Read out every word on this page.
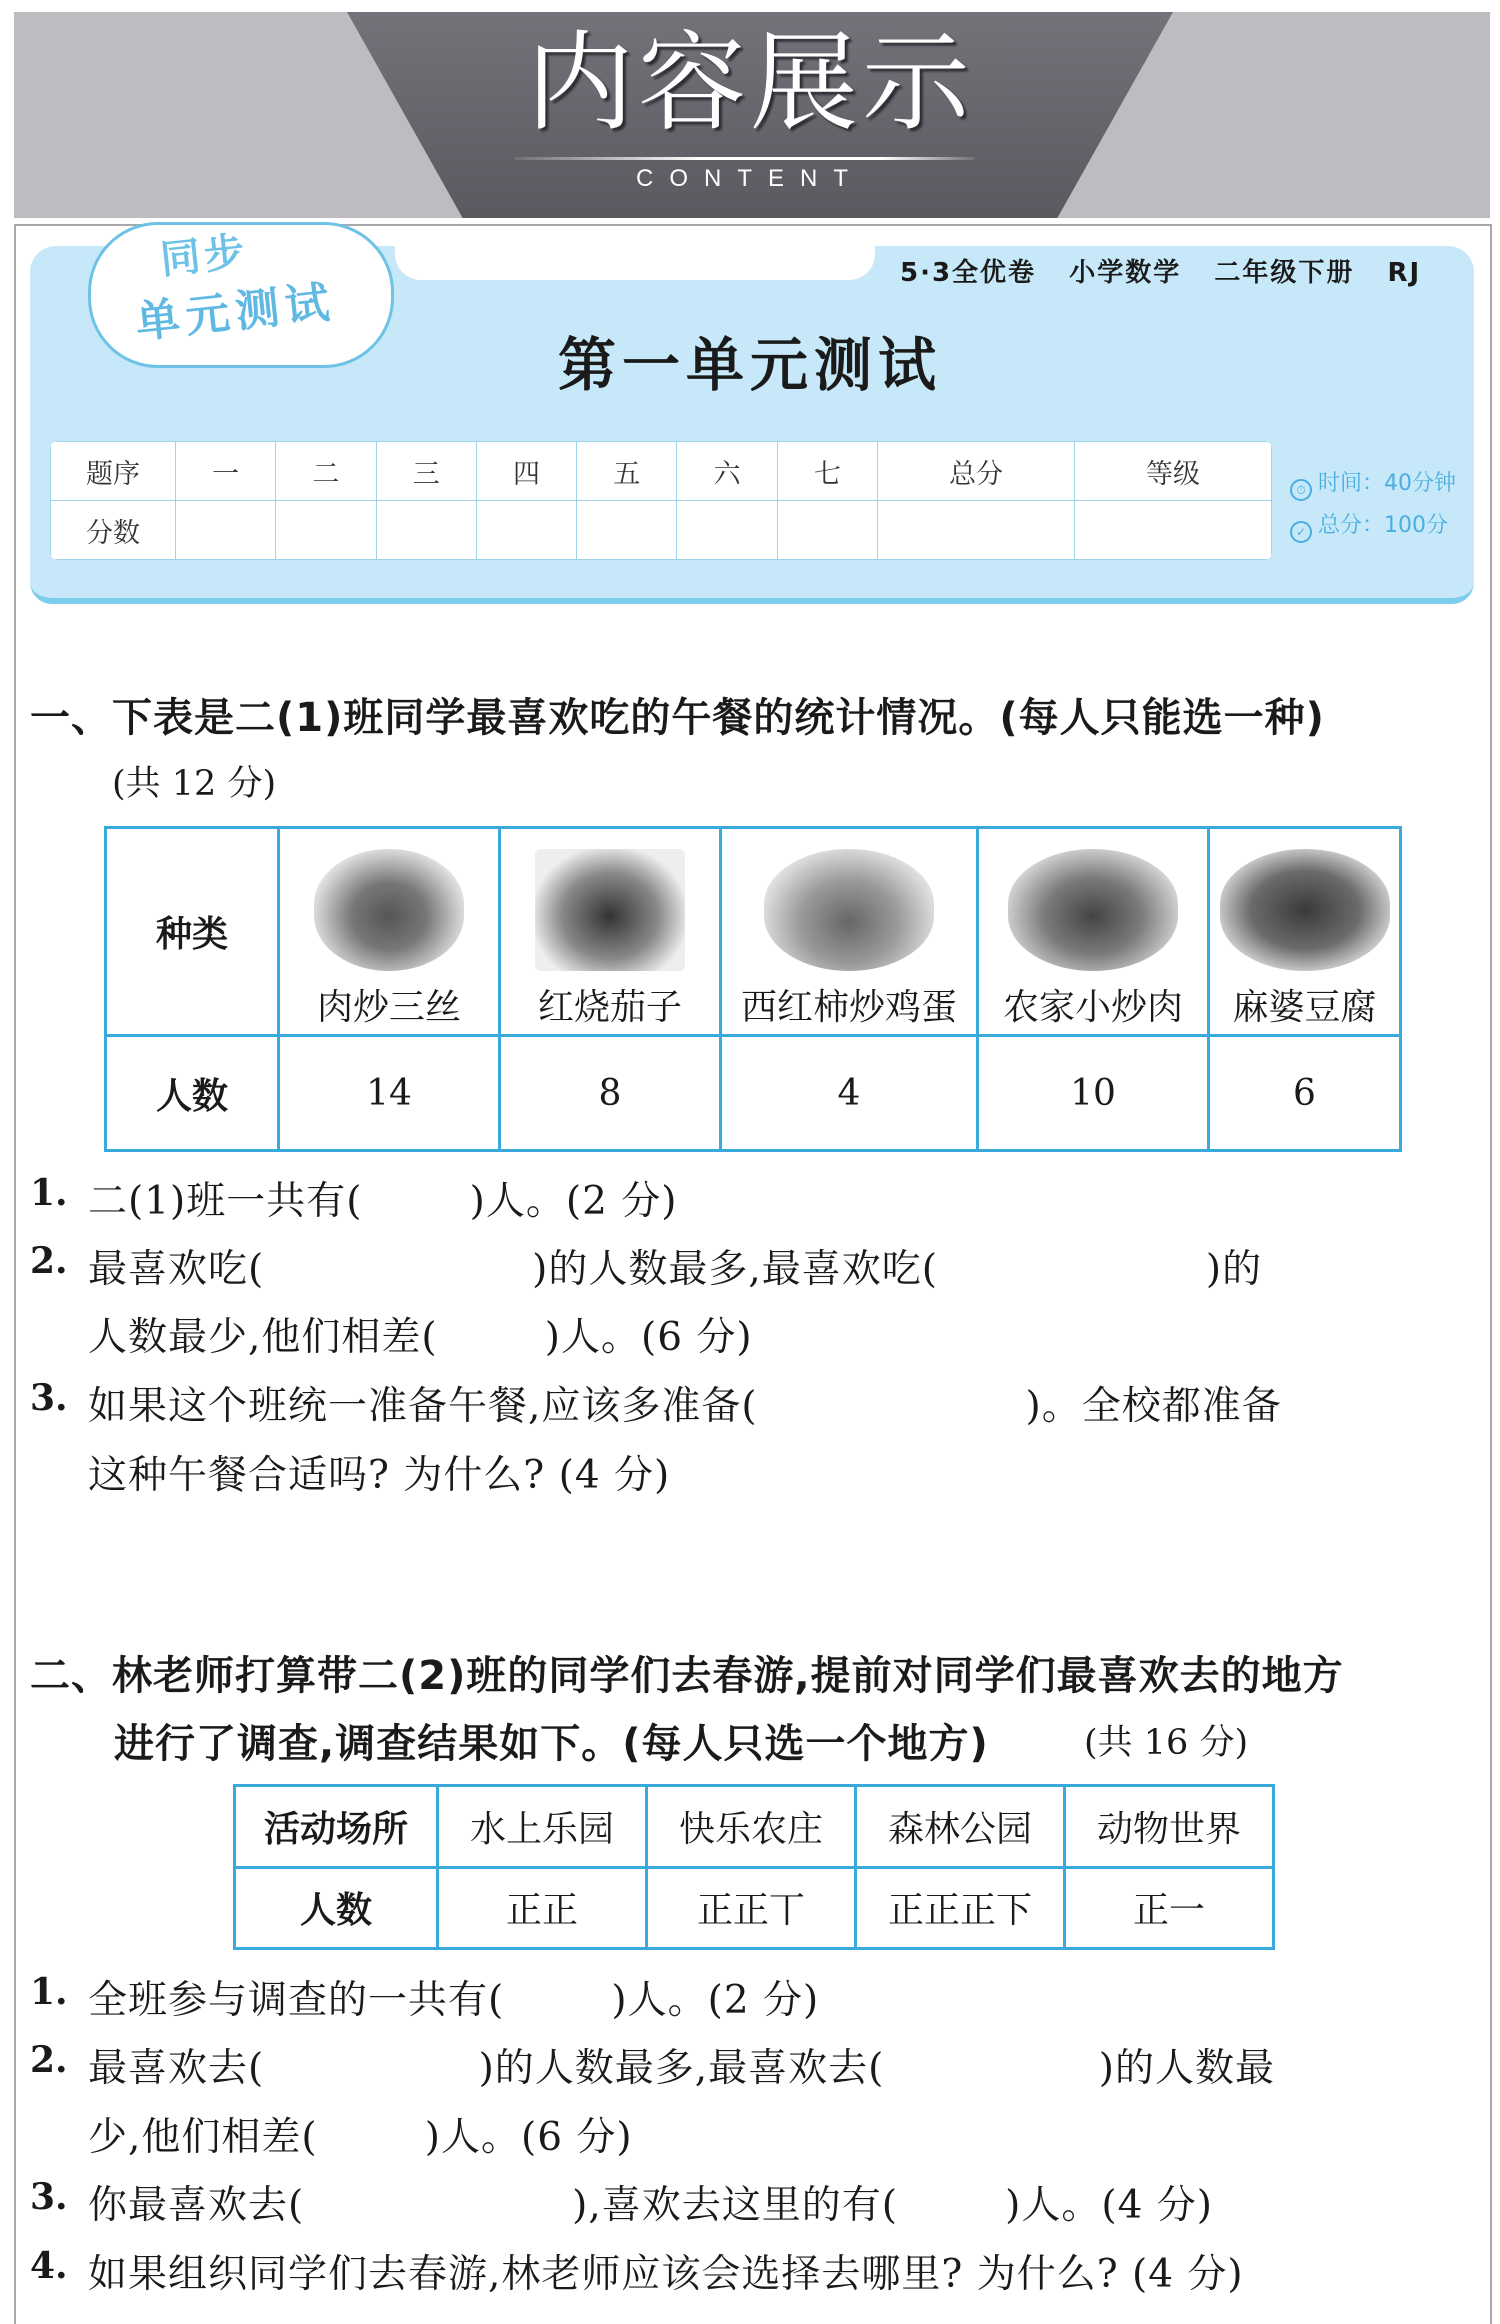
内容展示
CONTENT
同步
单元测试
5·3全优卷   小学数学   二年级下册   RJ
第一单元测试
题序	一	二	三	四	五	六	七	总分	等级
分数									
⏱ 时间：40分钟
✓ 总分：100分
一、下表是二(1)班同学最喜欢吃的午餐的统计情况。(每人只能选一种)
(共 12 分)
种类	肉炒三丝	红烧茄子	西红柿炒鸡蛋	农家小炒肉	麻婆豆腐

人数	14	8	4	10	6
1. 二(1)班一共有(        )人。(2 分)
2. 最喜欢吃(                    )的人数最多,最喜欢吃(                    )的
人数最少,他们相差(        )人。(6 分)
3. 如果这个班统一准备午餐,应该多准备(                    )。全校都准备
这种午餐合适吗? 为什么? (4 分)
二、林老师打算带二(2)班的同学们去春游,提前对同学们最喜欢去的地方
进行了调查,调查结果如下。(每人只选一个地方)	(共 16 分)
活动场所	水上乐园	快乐农庄	森林公园	动物世界
人数	正正	正正丅	正正正下	正一
1. 全班参与调查的一共有(        )人。(2 分)
2. 最喜欢去(                )的人数最多,最喜欢去(                )的人数最
少,他们相差(        )人。(6 分)
3. 你最喜欢去(                    ),喜欢去这里的有(        )人。(4 分)
4. 如果组织同学们去春游,林老师应该会选择去哪里? 为什么? (4 分)
